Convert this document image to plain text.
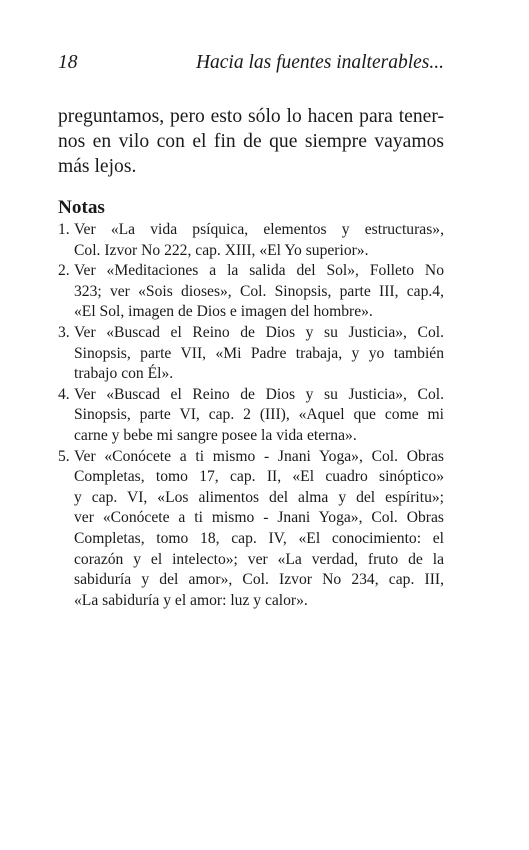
18	Hacia las fuentes inalterables...
preguntamos, pero esto sólo lo hacen para tener-
nos en vilo con el fin de que siempre vayamos
más lejos.
Notas
1. Ver «La vida psíquica, elementos y estructuras»,
Col. Izvor No 222, cap. XIII, «El Yo superior».
2. Ver «Meditaciones a la salida del Sol», Folleto No
323; ver «Sois dioses», Col. Sinopsis, parte III, cap.4,
«El Sol, imagen de Dios e imagen del hombre».
3. Ver «Buscad el Reino de Dios y su Justicia», Col.
Sinopsis, parte VII, «Mi Padre trabaja, y yo también
trabajo con Él».
4. Ver «Buscad el Reino de Dios y su Justicia», Col.
Sinopsis, parte VI, cap. 2 (III), «Aquel que come mi
carne y bebe mi sangre posee la vida eterna».
5. Ver «Conócete a ti mismo - Jnani Yoga», Col. Obras
Completas, tomo 17, cap. II, «El cuadro sinóptico»
y cap. VI, «Los alimentos del alma y del espíritu»;
ver «Conócete a ti mismo - Jnani Yoga», Col. Obras
Completas, tomo 18, cap. IV, «El conocimiento: el
corazón y el intelecto»; ver «La verdad, fruto de la
sabiduría y del amor», Col. Izvor No 234, cap. III,
«La sabiduría y el amor: luz y calor».
